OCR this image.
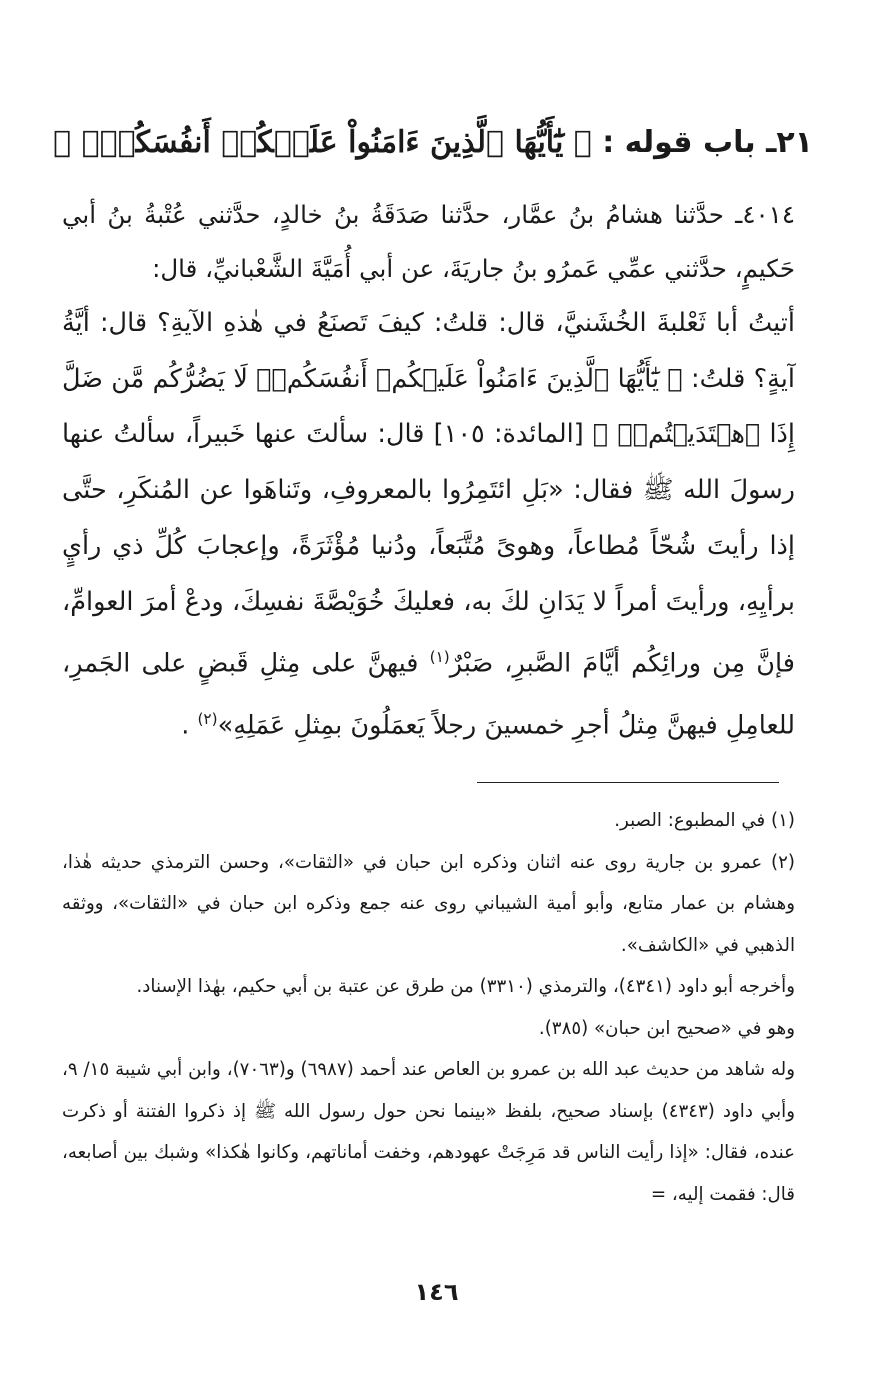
٢١ـ باب قوله : ﴿ يَٰٓأَيُّهَا ٱلَّذِينَ ءَامَنُواْ عَلَيۡكُمۡ أَنفُسَكُمۡۖ ﴾
٤٠١٤ـ حدَّثنا هشامُ بنُ عمَّار، حدَّثنا صَدَقَةُ بنُ خالدٍ، حدَّثني عُتْبةُ بنُ أبي حَكيمٍ، حدَّثني عمِّي عَمرُو بنُ جاريَةَ، عن أبي أُمَيَّةَ الشَّعْبانيِّ، قال:
أتيتُ أبا ثَعْلبةَ الخُشَنيَّ، قال: قلتُ: كيفَ تَصنَعُ في هٰذهِ الآيةِ؟ قال: أيَّةُ آيةٍ؟ قلتُ: ﴿ يَٰٓأَيُّهَا ٱلَّذِينَ ءَامَنُواْ عَلَيۡكُمۡ أَنفُسَكُمۡۖ لَا يَضُرُّكُم مَّن ضَلَّ إِذَا ٱهۡتَدَيۡتُمۡۚ ﴾ [المائدة: ١٠٥] قال: سألتَ عنها خَبيراً، سألتُ عنها رسولَ الله ﷺ فقال: «بَلِ ائتَمِرُوا بالمعروفِ، وتَناهَوا عن المُنكَرِ، حتَّى إذا رأيتَ شُحّاً مُطاعاً، وهوىً مُتَّبَعاً، ودُنيا مُؤْثَرَةً، وإعجابَ كُلِّ ذي رأيٍ برأيِهِ، ورأيتَ أمراً لا يَدَانِ لكَ به، فعليكَ خُوَيْصَّةَ نفسِكَ، ودعْ أمرَ العوامِّ، فإنَّ مِن ورائِكُم أيَّامَ الصَّبرِ، صَبْرٌ$^{(١)}$ فيهنَّ على مِثلِ قَبضٍ على الجَمرِ، للعامِلِ فيهنَّ مِثلُ أجرِ خمسينَ رجلاً يَعمَلُونَ بمِثلِ عَمَلِهِ»$^{(٢)}$ .

(١) في المطبوع: الصبر.

(٢) عمرو بن جارية روى عنه اثنان وذكره ابن حبان في «الثقات»، وحسن الترمذي حديثه هٰذا، وهشام بن عمار متابع، وأبو أمية الشيباني روى عنه جمع وذكره ابن حبان في «الثقات»، ووثقه الذهبي في «الكاشف».

وأخرجه أبو داود (٤٣٤١)، والترمذي (٣٣١٠) من طرق عن عتبة بن أبي حكيم، بهٰذا الإسناد.

وهو في «صحيح ابن حبان» (٣٨٥).

وله شاهد من حديث عبد الله بن عمرو بن العاص عند أحمد (٦٩٨٧) و(٧٠٦٣)، وابن أبي شيبة ١٥/ ٩، وأبي داود (٤٣٤٣) بإسناد صحيح، بلفظ «بينما نحن حول رسول الله ﷺ إذ ذكروا الفتنة أو ذكرت عنده، فقال: «إذا رأيت الناس قد مَرِجَتْ عهودهم، وخفت أماناتهم، وكانوا هٰكذا» وشبك بين أصابعه، قال: فقمت إليه، =

١٤٦
